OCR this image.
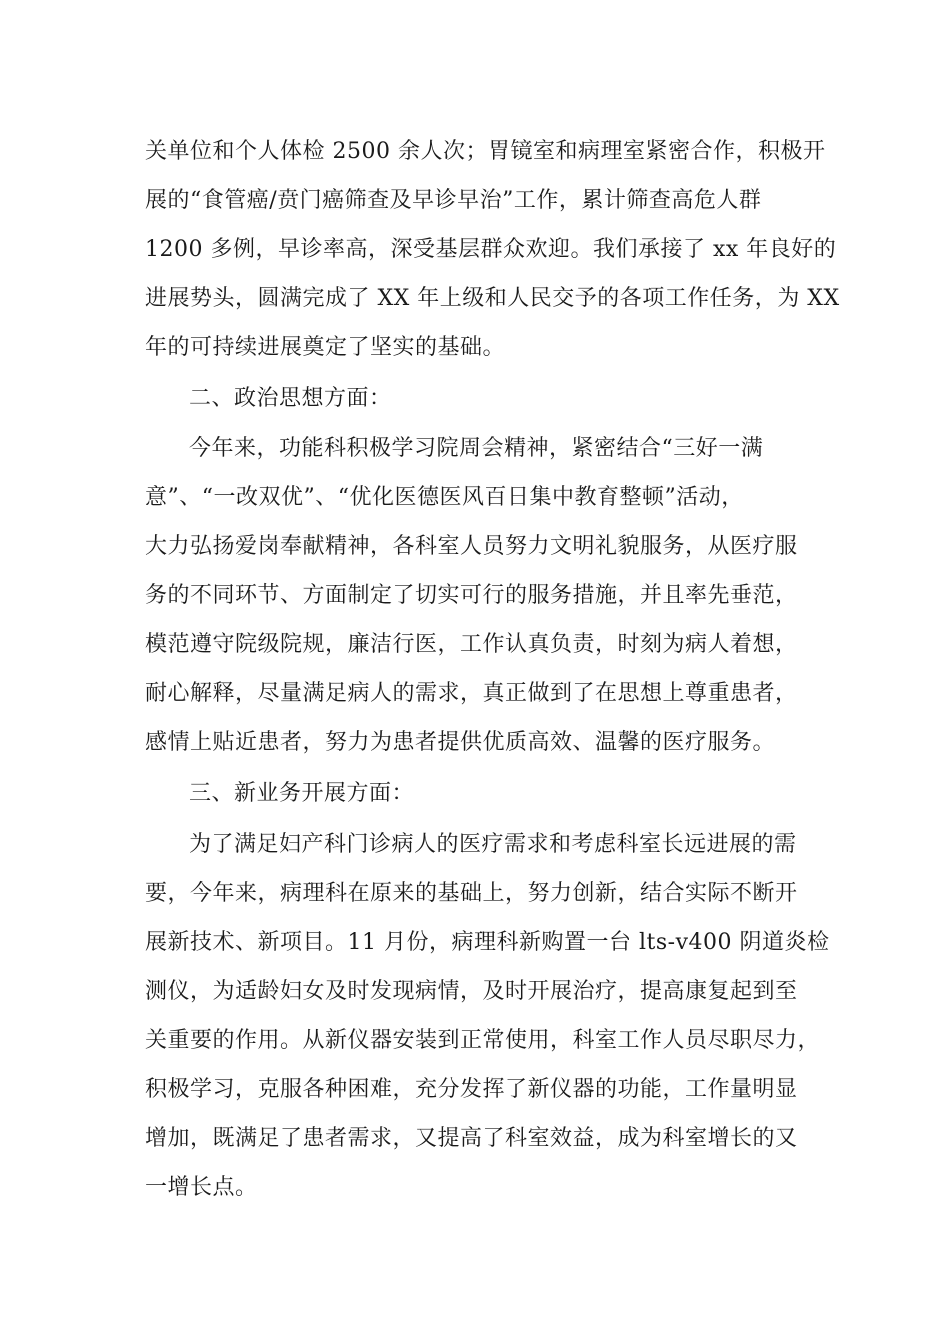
关单位和个人体检 2500 余人次；胃镜室和病理室紧密合作，积极开
展的“食管癌/贲门癌筛查及早诊早治”工作，累计筛查高危人群
1200 多例，早诊率高，深受基层群众欢迎。我们承接了 xx 年良好的
进展势头，圆满完成了 XX 年上级和人民交予的各项工作任务，为 XX
年的可持续进展奠定了坚实的基础。
二、政治思想方面：
今年来，功能科积极学习院周会精神，紧密结合“三好一满
意”、“一改双优”、“优化医德医风百日集中教育整顿”活动，
大力弘扬爱岗奉献精神，各科室人员努力文明礼貌服务，从医疗服
务的不同环节、方面制定了切实可行的服务措施，并且率先垂范，
模范遵守院级院规，廉洁行医，工作认真负责，时刻为病人着想，
耐心解释，尽量满足病人的需求，真正做到了在思想上尊重患者，
感情上贴近患者，努力为患者提供优质高效、温馨的医疗服务。
三、新业务开展方面：
为了满足妇产科门诊病人的医疗需求和考虑科室长远进展的需
要，今年来，病理科在原来的基础上，努力创新，结合实际不断开
展新技术、新项目。11 月份，病理科新购置一台 lts-v400 阴道炎检
测仪，为适龄妇女及时发现病情，及时开展治疗，提高康复起到至
关重要的作用。从新仪器安装到正常使用，科室工作人员尽职尽力，
积极学习，克服各种困难，充分发挥了新仪器的功能，工作量明显
增加，既满足了患者需求，又提高了科室效益，成为科室增长的又
一增长点。
